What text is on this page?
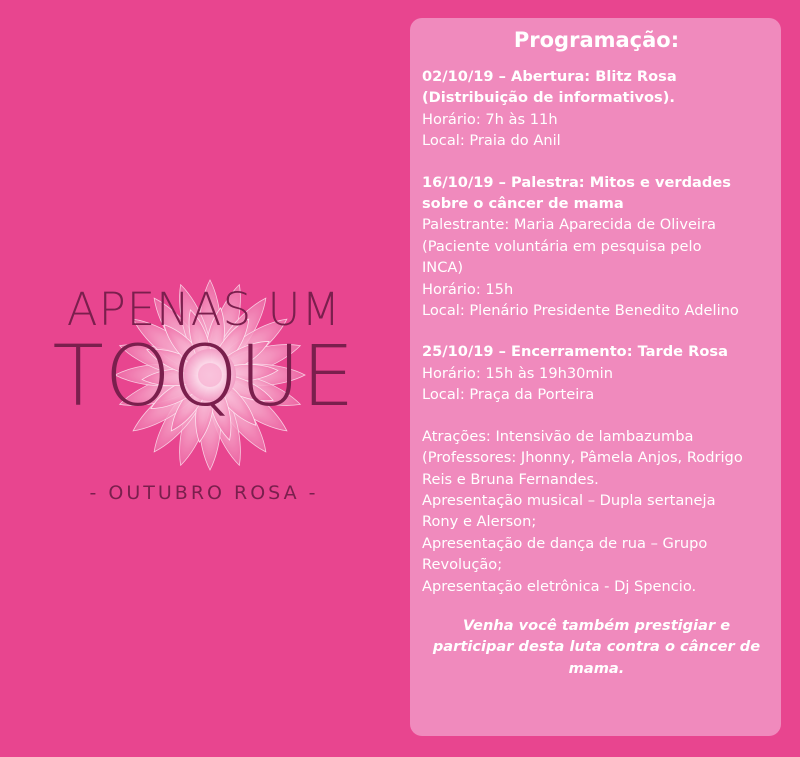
APENAS UM
TOQUE
- OUTUBRO ROSA -
Programação:
02/10/19 – Abertura: Blitz Rosa
(Distribuição de informativos).
Horário: 7h às 11h
Local: Praia do Anil
16/10/19 – Palestra: Mitos e verdades
sobre o câncer de mama
Palestrante: Maria Aparecida de Oliveira
(Paciente voluntária em pesquisa pelo
INCA)
Horário: 15h
Local: Plenário Presidente Benedito Adelino
25/10/19 – Encerramento: Tarde Rosa
Horário: 15h às 19h30min
Local: Praça da Porteira
Atrações: Intensivão de lambazumba
(Professores: Jhonny, Pâmela Anjos, Rodrigo
Reis e Bruna Fernandes.
Apresentação musical – Dupla sertaneja
Rony e Alerson;
Apresentação de dança de rua – Grupo
Revolução;
Apresentação eletrônica - Dj Spencio.
Venha você também prestigiar e
participar desta luta contra o câncer de
mama.
